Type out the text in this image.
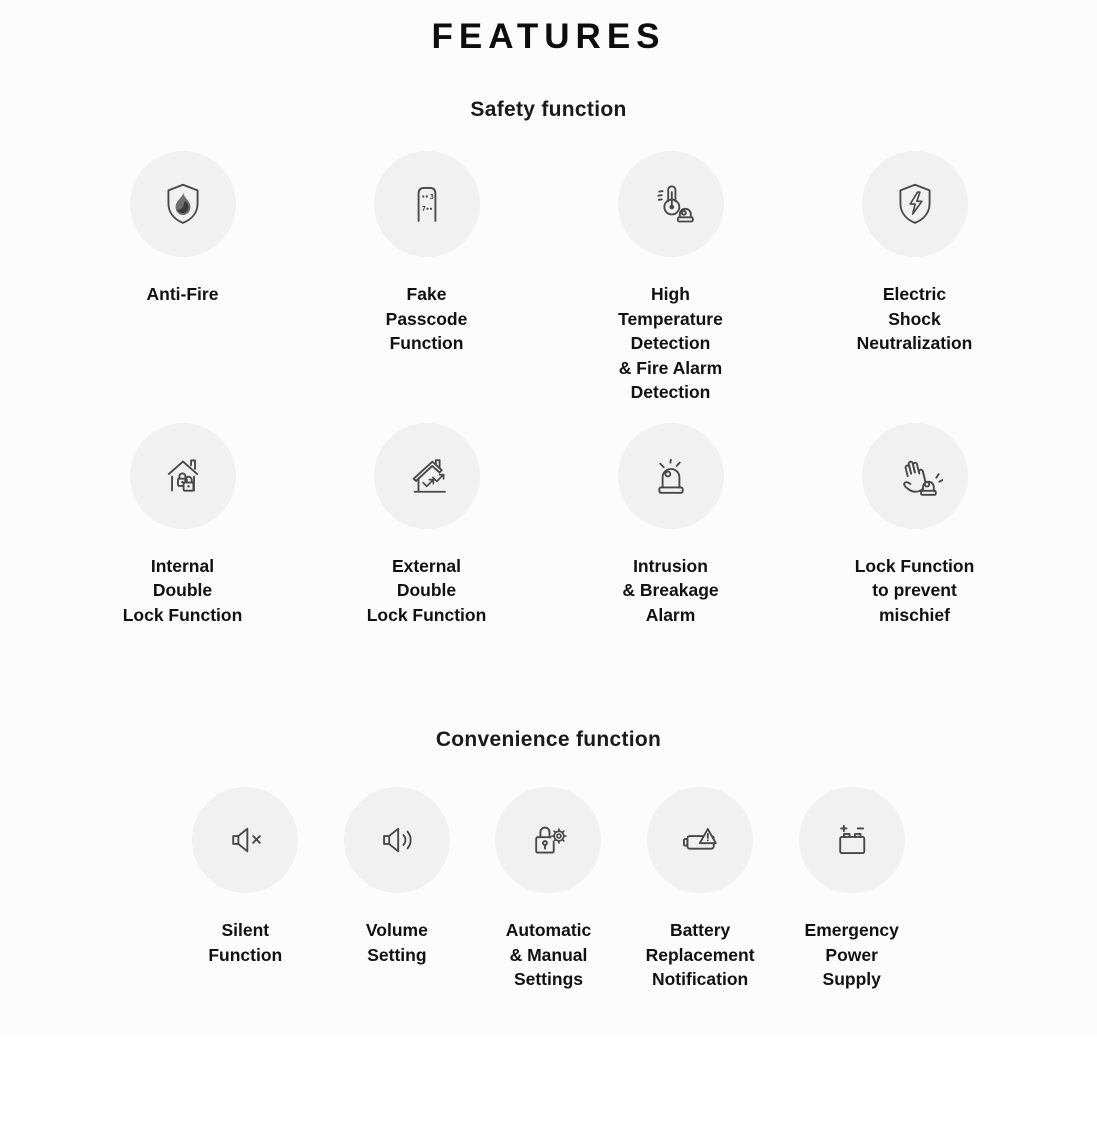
FEATURES
Safety function
Anti-Fire
3
7
Fake
Passcode
Function
High
Temperature
Detection
& Fire Alarm
Detection
Electric
Shock
Neutralization
Internal
Double
Lock Function
External
Double
Lock Function
Intrusion
& Breakage
Alarm
Lock Function
to prevent
mischief
Convenience function
Silent
Function
Volume
Setting
Automatic
& Manual
Settings
Battery
Replacement
Notification
Emergency
Power
Supply
